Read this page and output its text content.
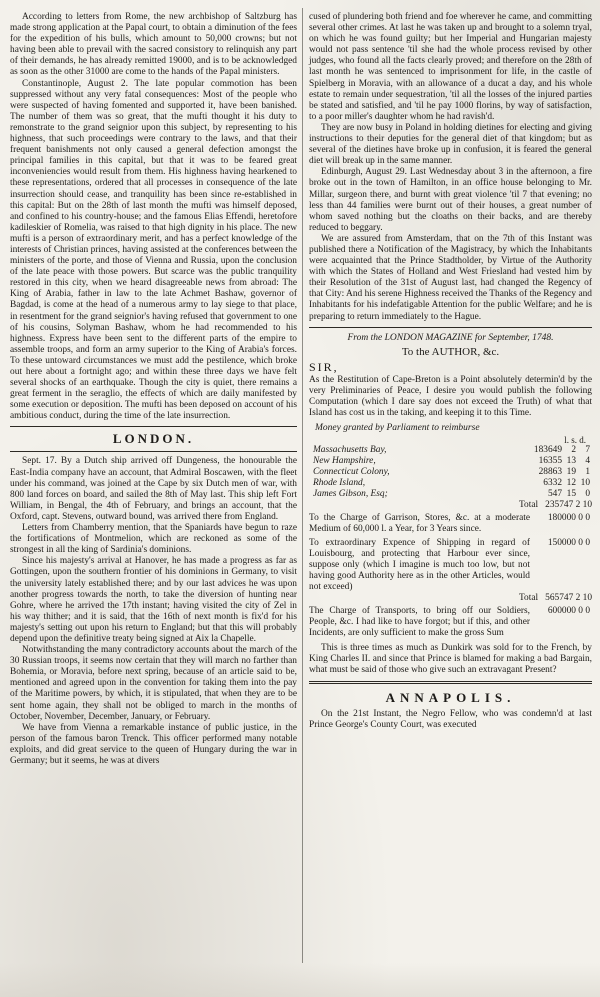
According to letters from Rome, the new archbishop of Saltzburg has made strong application at the Papal court, to obtain a diminution of the fees for the expedition of his bulls, which amount to 50,000 crowns; but not having been able to prevail with the sacred consistory to relinquish any part of their demands, he has already remitted 19000, and is to be acknowledged as soon as the other 31000 are come to the hands of the Papal ministers.

Constantinople, August 2. The late popular commotion has been suppressed without any very fatal consequences: Most of the people who were suspected of having fomented and supported it, have been banished. The number of them was so great, that the mufti thought it his duty to remonstrate to the grand seignior upon this subject, by representing to his highness, that such proceedings were contrary to the laws, and that their frequent banishments not only caused a general defection amongst the principal families in this capital, but that it was to be feared great inconveniencies would result from them. His highness having hearkened to these representations, ordered that all processes in consequence of the late insurrection should cease, and tranquility has been since re-established in this capital: But on the 28th of last month the mufti was himself deposed, and confined to his country-house; and the famous Elias Effendi, heretofore kadileskier of Romelia, was raised to that high dignity in his place. The new mufti is a person of extraordinary merit, and has a perfect knowledge of the interests of Christian princes, having assisted at the conferences between the ministers of the porte, and those of Vienna and Russia, upon the conclusion of the late peace with those powers. But scarce was the public tranquility restored in this city, when we heard disagreeable news from abroad: The King of Arabia, father in law to the late Achmet Bashaw, governor of Bagdad, is come at the head of a numerous army to lay siege to that place, in resentment for the grand seignior's having refused that government to one of his cousins, Solyman Bashaw, whom he had recommended to his highness. Express have been sent to the different parts of the empire to assemble troops, and form an army superior to the King of Arabia's forces. To these untoward circumstances we must add the pestilence, which broke out here about a fortnight ago; and within these three days we have felt several shocks of an earthquake. Though the city is quiet, there remains a great ferment in the seraglio, the effects of which are daily manifested by some execution or deposition. The mufti has been deposed on account of his ambitious conduct, during the time of the late insurrection.

LONDON.

Sept. 17. By a Dutch ship arrived off Dungeness, the honourable the East-India company have an account, that Admiral Boscawen, with the fleet under his command, was joined at the Cape by six Dutch men of war, with 800 land forces on board, and sailed the 8th of May last. This ship left Fort William, in Bengal, the 4th of February, and brings an account, that the Oxford, capt. Stevens, outward bound, was arrived there from England.

Letters from Chamberry mention, that the Spaniards have begun to raze the fortifications of Montmelion, which are reckoned as some of the strongest in all the king of Sardinia's dominions.

Since his majesty's arrival at Hanover, he has made a progress as far as Gottingen, upon the southern frontier of his dominions in Germany, to visit the university lately established there; and by our last advices he was upon another progress towards the north, to take the diversion of hunting near Gohre, where he arrived the 17th instant; having visited the city of Zel in his way thither; and it is said, that the 16th of next month is fix'd for his majesty's setting out upon his return to England; but that this will probably depend upon the definitive treaty being signed at Aix la Chapelle.

Notwithstanding the many contradictory accounts about the march of the 30 Russian troops, it seems now certain that they will march no farther than Bohemia, or Moravia, before next spring, because of an article said to be, mentioned and agreed upon in the convention for taking them into the pay of the Maritime powers, by which, it is stipulated, that when they are to be sent home again, they shall not be obliged to march in the months of October, November, December, January, or February.

We have from Vienna a remarkable instance of public justice, in the person of the famous baron Trenck. This officer performed many notable exploits, and did great service to the queen of Hungary during the war in Germany; but it seems, he was at divers

cused of plundering both friend and foe wherever he came, and committing several other crimes. At last he was taken up and brought to a solemn tryal, on which he was found guilty; but her Imperial and Hungarian majesty would not pass sentence 'til she had the whole process revised by other judges, who found all the facts clearly proved; and therefore on the 28th of last month he was sentenced to imprisonment for life, in the castle of Spielberg in Moravia, with an allowance of a ducat a day, and his whole estate to remain under sequestration, 'til all the losses of the injured parties be stated and satisfied, and 'til he pay 1000 florins, by way of satisfaction, to a poor miller's daughter whom he had ravish'd.

They are now busy in Poland in holding dietines for electing and giving instructions to their deputies for the general diet of that kingdom; but as several of the dietines have broke up in confusion, it is feared the general diet will break up in the same manner.

Edinburgh, August 29. Last Wednesday about 3 in the afternoon, a fire broke out in the town of Hamilton, in an office house belonging to Mr. Millar, surgeon there, and burnt with great violence 'til 7 that evening; no less than 44 families were burnt out of their houses, a great number of whom saved nothing but the cloaths on their backs, and are thereby reduced to beggary.

We are assured from Amsterdam, that on the 7th of this Instant was published there a Notification of the Magistracy, by which the Inhabitants were acquainted that the Prince Stadtholder, by Virtue of the Authority with which the States of Holland and West Friesland had vested him by their Resolution of the 31st of August last, had changed the Regency of that City: And his serene Highness received the Thanks of the Regency and Inhabitants for his indefatigable Attention for the public Welfare; and he is preparing to return immediately to the Hague.

From the LONDON MAGAZINE for September, 1748.
To the AUTHOR, &c.
SIR,

As the Restitution of Cape-Breton is a Point absolutely determin'd by the very Preliminaries of Peace, I desire you would publish the following Computation (which I dare say does not exceed the Truth) of what that Island has cost us in the taking, and keeping it to this Time.

Money granted by Parliament to reimburse
l. s. d.
Massachusetts Bay,	183649	2	7
New Hampshire,	16355	13	4
Connecticut Colony,	28863	19	1
Rhode Island,	6332	12	10
James Gibson, Esq;	547	15	0
Total 235747 2 10
To the Charge of Garrison, Stores, &c. at a moderate Medium of 60,000 l. a Year, for 3 Years since.
180000 0 0
To extraordinary Expence of Shipping in regard of Louisbourg, and protecting that Harbour ever since, suppose only (which I imagine is much too low, but not having good Authority here as in the other Articles, would not exceed)
150000 0 0
Total 565747 2 10
The Charge of Transports, to bring off our Soldiers, People, &c. I had like to have forgot; but if this, and other Incidents, are only sufficient to make the gross Sum
600000 0 0

This is three times as much as Dunkirk was sold for to the French, by King Charles II. and since that Prince is blamed for making a bad Bargain, what must be said of those who give such an extravagant Present?

ANNAPOLIS.

On the 21st Instant, the Negro Fellow, who was condemn'd at last Prince George's County Court, was executed
